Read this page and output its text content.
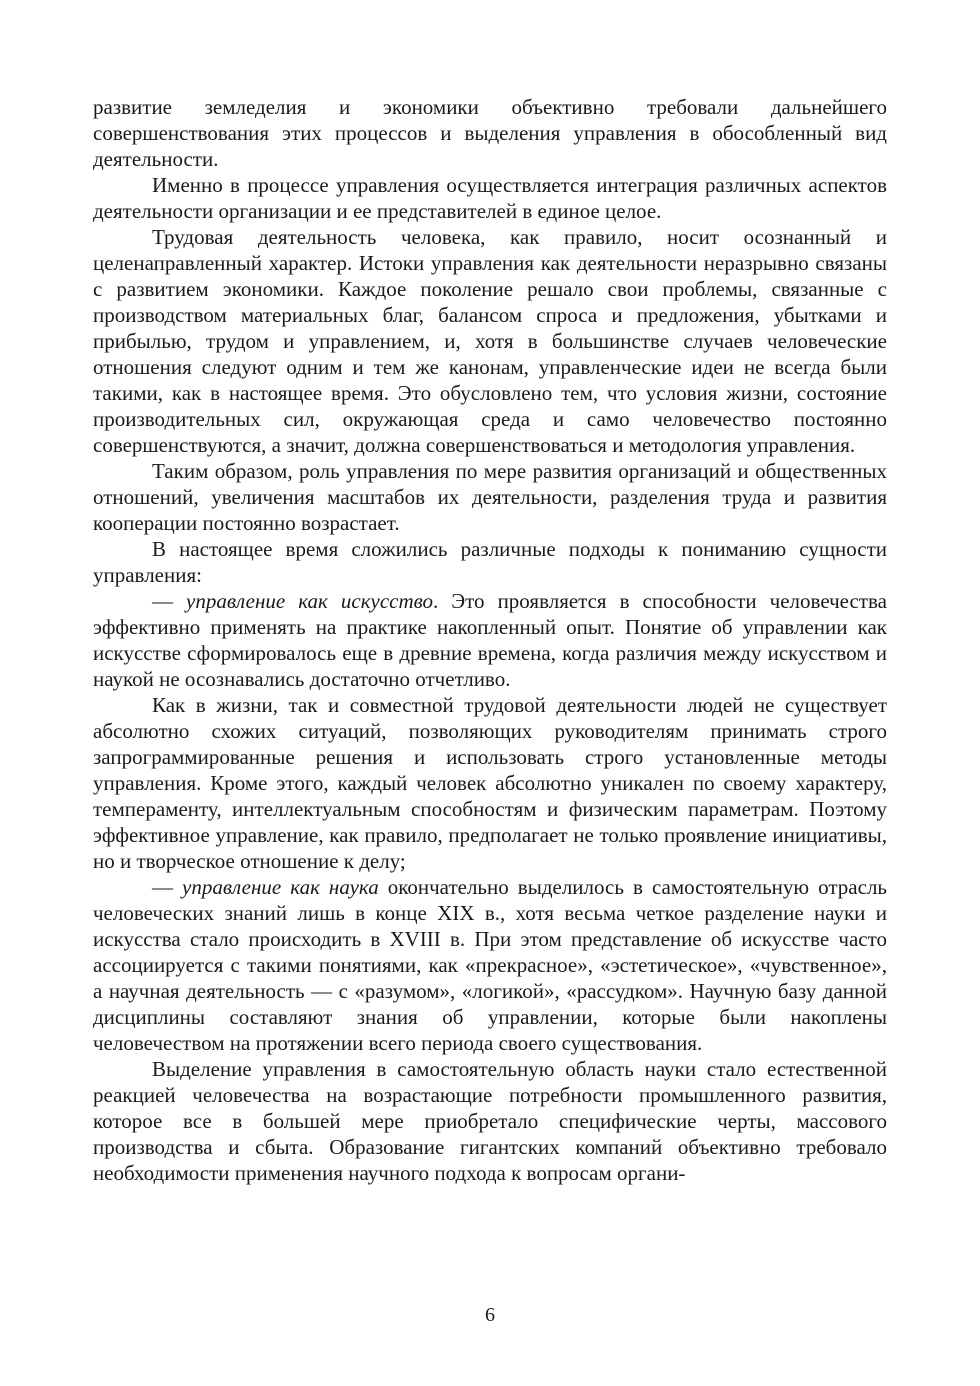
развитие земледелия и экономики объективно требовали дальнейшего совершенствования этих процессов и выделения управления в обособленный вид деятельности.

Именно в процессе управления осуществляется интеграция различных аспектов деятельности организации и ее представителей в единое целое.

Трудовая деятельность человека, как правило, носит осознанный и целенаправленный характер. Истоки управления как деятельности неразрывно связаны с развитием экономики. Каждое поколение решало свои проблемы, связанные с производством материальных благ, балансом спроса и предложения, убытками и прибылью, трудом и управлением, и, хотя в большинстве случаев человеческие отношения следуют одним и тем же канонам, управленческие идеи не всегда были такими, как в настоящее время. Это обусловлено тем, что условия жизни, состояние производительных сил, окружающая среда и само человечество постоянно совершенствуются, а значит, должна совершенствоваться и методология управления.

Таким образом, роль управления по мере развития организаций и общественных отношений, увеличения масштабов их деятельности, разделения труда и развития кооперации постоянно возрастает.

В настоящее время сложились различные подходы к пониманию сущности управления:

— управление как искусство. Это проявляется в способности человечества эффективно применять на практике накопленный опыт. Понятие об управлении как искусстве сформировалось еще в древние времена, когда различия между искусством и наукой не осознавались достаточно отчетливо.

Как в жизни, так и совместной трудовой деятельности людей не существует абсолютно схожих ситуаций, позволяющих руководителям принимать строго запрограммированные решения и использовать строго установленные методы управления. Кроме этого, каждый человек абсолютно уникален по своему характеру, темпераменту, интеллектуальным способностям и физическим параметрам. Поэтому эффективное управление, как правило, предполагает не только проявление инициативы, но и творческое отношение к делу;

— управление как наука окончательно выделилось в самостоятельную отрасль человеческих знаний лишь в конце XIX в., хотя весьма четкое разделение науки и искусства стало происходить в XVIII в. При этом представление об искусстве часто ассоциируется с такими понятиями, как «прекрасное», «эстетическое», «чувственное», а научная деятельность — с «разумом», «логикой», «рассудком». Научную базу данной дисциплины составляют знания об управлении, которые были накоплены человечеством на протяжении всего периода своего существования.

Выделение управления в самостоятельную область науки стало естественной реакцией человечества на возрастающие потребности промышленного развития, которое все в большей мере приобретало специфические черты, массового производства и сбыта. Образование гигантских компаний объективно требовало необходимости применения научного подхода к вопросам органи-

6
